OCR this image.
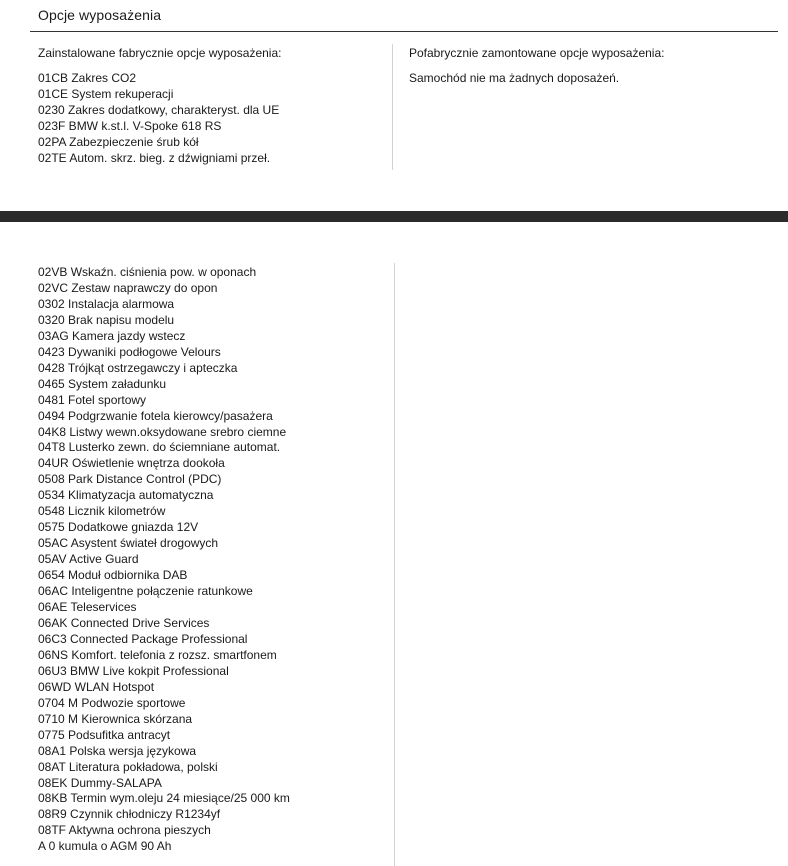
Opcje wyposażenia
Zainstalowane fabrycznie opcje wyposażenia:	Pofabrycznie zamontowane opcje wyposażenia:
01CB Zakres CO2
01CE System rekuperacji
0230 Zakres dodatkowy, charakteryst. dla UE
023F BMW k.st.l. V-Spoke 618 RS
02PA Zabezpieczenie śrub kół
02TE Autom. skrz. bieg. z dźwigniami przeł.
Samochód nie ma żadnych doposażeń.
02VB Wskaźn. ciśnienia pow. w oponach
02VC Zestaw naprawczy do opon
0302 Instalacja alarmowa
0320 Brak napisu modelu
03AG Kamera jazdy wstecz
0423 Dywaniki podłogowe Velours
0428 Trójkąt ostrzegawczy i apteczka
0465 System załadunku
0481 Fotel sportowy
0494 Podgrzwanie fotela kierowcy/pasażera
04K8 Listwy wewn.oksydowane srebro ciemne
04T8 Lusterko zewn. do ściemniane automat.
04UR Oświetlenie wnętrza dookoła
0508 Park Distance Control (PDC)
0534 Klimatyzacja automatyczna
0548 Licznik kilometrów
0575 Dodatkowe gniazda 12V
05AC Asystent świateł drogowych
05AV Active Guard
0654 Moduł odbiornika DAB
06AC Inteligentne połączenie ratunkowe
06AE Teleservices
06AK Connected Drive Services
06C3 Connected Package Professional
06NS Komfort. telefonia z rozsz. smartfonem
06U3 BMW Live kokpit Professional
06WD WLAN Hotspot
0704 M Podwozie sportowe
0710 M Kierownica skórzana
0775 Podsufitka antracyt
08A1 Polska wersja językowa
08AT Literatura pokładowa, polski
08EK Dummy-SALAPA
08KB Termin wym.oleju 24 miesiące/25 000 km
08R9 Czynnik chłodniczy R1234yf
08TF Aktywna ochrona pieszych
A 0 kumula o AGM 90 Ah
